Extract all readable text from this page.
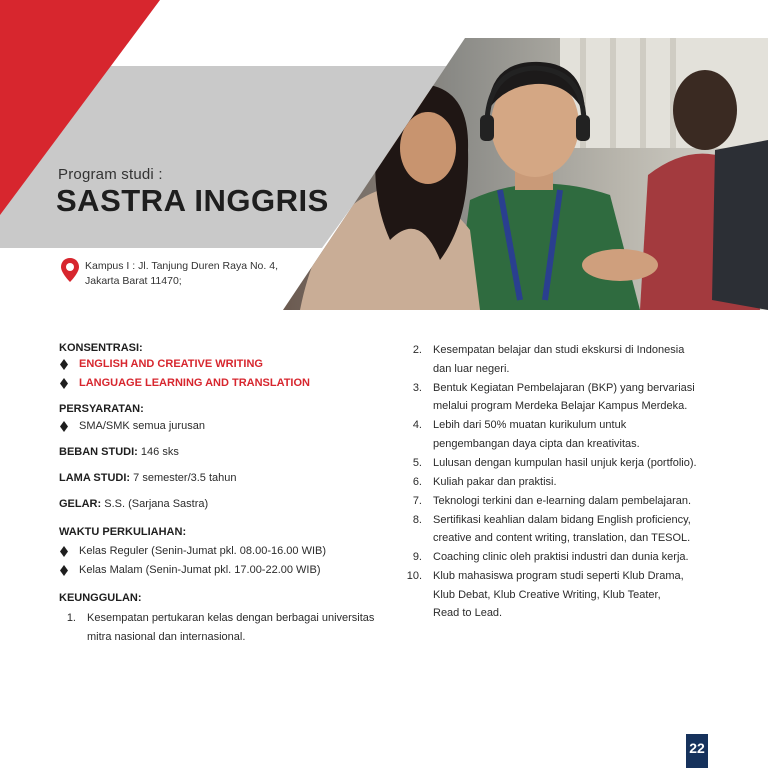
Program studi :
SASTRA INGGRIS
Kampus I : Jl. Tanjung Duren Raya No. 4,
Jakarta Barat 11470;

KONSENTRASI:

ENGLISH AND CREATIVE WRITING
LANGUAGE LEARNING AND TRANSLATION

PERSYARATAN:

SMA/SMK semua jurusan

BEBAN STUDI: 146 sks

LAMA STUDI: 7 semester/3.5 tahun

GELAR: S.S. (Sarjana Sastra)

WAKTU PERKULIAHAN:

Kelas Reguler (Senin-Jumat pkl. 08.00-16.00 WIB)
Kelas Malam (Senin-Jumat pkl. 17.00-22.00 WIB)

KEUNGGULAN:

1. Kesempatan pertukaran kelas dengan berbagai universitas
mitra nasional dan internasional.
2. Kesempatan belajar dan studi ekskursi di Indonesia
dan luar negeri.
3. Bentuk Kegiatan Pembelajaran (BKP) yang bervariasi
melalui program Merdeka Belajar Kampus Merdeka.
4. Lebih dari 50% muatan kurikulum untuk
pengembangan daya cipta dan kreativitas.
5. Lulusan dengan kumpulan hasil unjuk kerja (portfolio).
6. Kuliah pakar dan praktisi.
7. Teknologi terkini dan e-learning dalam pembelajaran.
8. Sertifikasi keahlian dalam bidang English proficiency,
creative and content writing, translation, dan TESOL.
9. Coaching clinic oleh praktisi industri dan dunia kerja.
10. Klub mahasiswa program studi seperti Klub Drama,
Klub Debat, Klub Creative Writing, Klub Teater,
Read to Lead.
22
